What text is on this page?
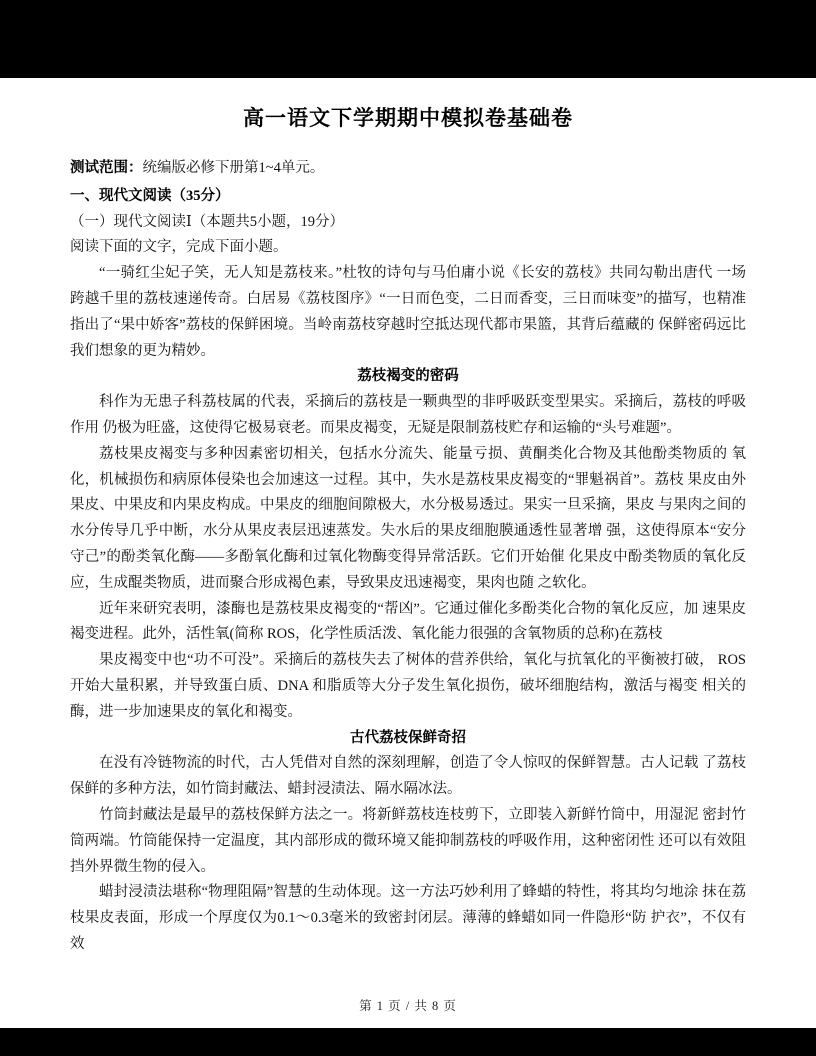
高一语文下学期期中模拟卷基础卷

测试范围：统编版必修下册第1~4单元。

一、现代文阅读（35分）

（一）现代文阅读Ⅰ（本题共5小题，19分）

阅读下面的文字，完成下面小题。

“一骑红尘妃子笑，无人知是荔枝来。”杜牧的诗句与马伯庸小说《长安的荔枝》共同勾勒出唐代 一场跨越千里的荔枝速递传奇。白居易《荔枝图序》“一日而色变，二日而香变，三日而味变”的描写，也精准指出了“果中娇客”荔枝的保鲜困境。当岭南荔枝穿越时空抵达现代都市果篮，其背后蕴藏的 保鲜密码远比我们想象的更为精妙。

荔枝褐变的密码

科作为无患子科荔枝属的代表，采摘后的荔枝是一颗典型的非呼吸跃变型果实。采摘后，荔枝的呼吸作用 仍极为旺盛，这使得它极易衰老。而果皮褐变，无疑是限制荔枝贮存和运输的“头号难题”。

荔枝果皮褐变与多种因素密切相关，包括水分流失、能量亏损、黄酮类化合物及其他酚类物质的 氧化，机械损伤和病原体侵染也会加速这一过程。其中，失水是荔枝果皮褐变的“罪魁祸首”。荔枝 果皮由外果皮、中果皮和内果皮构成。中果皮的细胞间隙极大，水分极易透过。果实一旦采摘，果皮 与果肉之间的水分传导几乎中断，水分从果皮表层迅速蒸发。失水后的果皮细胞膜通透性显著增 强，这使得原本“安分守己”的酚类氧化酶——多酚氧化酶和过氧化物酶变得异常活跃。它们开始催 化果皮中酚类物质的氧化反应，生成醌类物质，进而聚合形成褐色素，导致果皮迅速褐变，果肉也随 之软化。

近年来研究表明，漆酶也是荔枝果皮褐变的“帮凶”。它通过催化多酚类化合物的氧化反应，加 速果皮褐变进程。此外，活性氧(简称 ROS，化学性质活泼、氧化能力很强的含氧物质的总称)在荔枝

果皮褐变中也“功不可没”。采摘后的荔枝失去了树体的营养供给，氧化与抗氧化的平衡被打破， ROS 开始大量积累，并导致蛋白质、DNA 和脂质等大分子发生氧化损伤，破坏细胞结构，激活与褐变 相关的酶，进一步加速果皮的氧化和褐变。

古代荔枝保鲜奇招

在没有冷链物流的时代，古人凭借对自然的深刻理解，创造了令人惊叹的保鲜智慧。古人记载 了荔枝保鲜的多种方法，如竹筒封藏法、蜡封浸渍法、隔水隔冰法。

竹筒封藏法是最早的荔枝保鲜方法之一。将新鲜荔枝连枝剪下，立即装入新鲜竹筒中，用湿泥 密封竹筒两端。竹筒能保持一定温度，其内部形成的微环境又能抑制荔枝的呼吸作用，这种密闭性 还可以有效阻挡外界微生物的侵入。

蜡封浸渍法堪称“物理阻隔”智慧的生动体现。这一方法巧妙利用了蜂蜡的特性，将其均匀地涂 抹在荔枝果皮表面，形成一个厚度仅为0.1～0.3毫米的致密封闭层。薄薄的蜂蜡如同一件隐形“防 护衣”，不仅有效

第 1 页 / 共 8 页
